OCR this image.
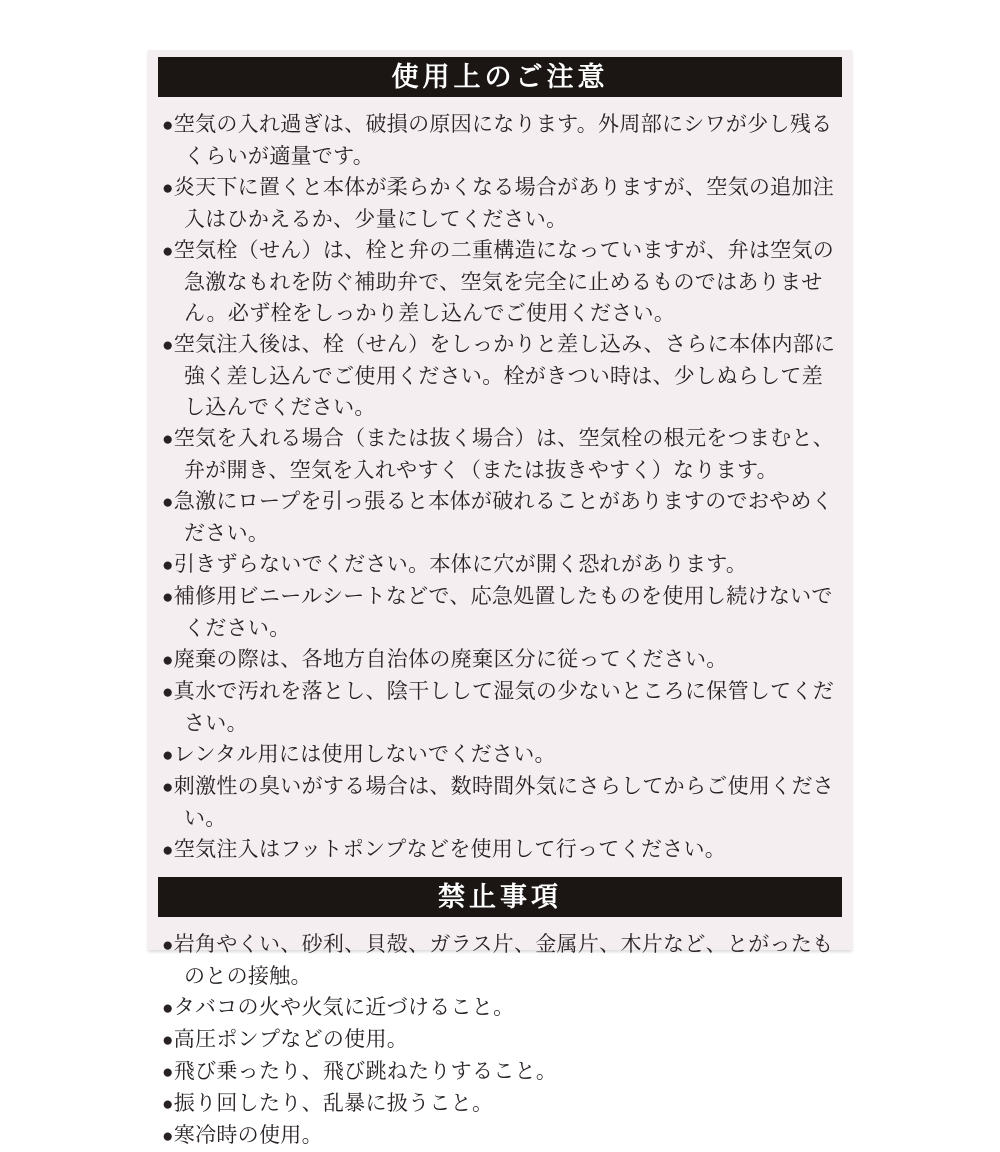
使用上のご注意

●空気の入れ過ぎは、破損の原因になります。外周部にシワが少し残るくらいが適量です。

●炎天下に置くと本体が柔らかくなる場合がありますが、空気の追加注入はひかえるか、少量にしてください。

●空気栓（せん）は、栓と弁の二重構造になっていますが、弁は空気の急激なもれを防ぐ補助弁で、空気を完全に止めるものではありません。必ず栓をしっかり差し込んでご使用ください。

●空気注入後は、栓（せん）をしっかりと差し込み、さらに本体内部に強く差し込んでご使用ください。栓がきつい時は、少しぬらして差し込んでください。

●空気を入れる場合（または抜く場合）は、空気栓の根元をつまむと、弁が開き、空気を入れやすく（または抜きやすく）なります。

●急激にロープを引っ張ると本体が破れることがありますのでおやめください。

●引きずらないでください。本体に穴が開く恐れがあります。

●補修用ビニールシートなどで、応急処置したものを使用し続けないでください。

●廃棄の際は、各地方自治体の廃棄区分に従ってください。

●真水で汚れを落とし、陰干しして湿気の少ないところに保管してください。

●レンタル用には使用しないでください。

●刺激性の臭いがする場合は、数時間外気にさらしてからご使用ください。

●空気注入はフットポンプなどを使用して行ってください。

禁止事項

●岩角やくい、砂利、貝殻、ガラス片、金属片、木片など、とがったものとの接触。

●タバコの火や火気に近づけること。

●高圧ポンプなどの使用。

●飛び乗ったり、飛び跳ねたりすること。

●振り回したり、乱暴に扱うこと。

●寒冷時の使用。
